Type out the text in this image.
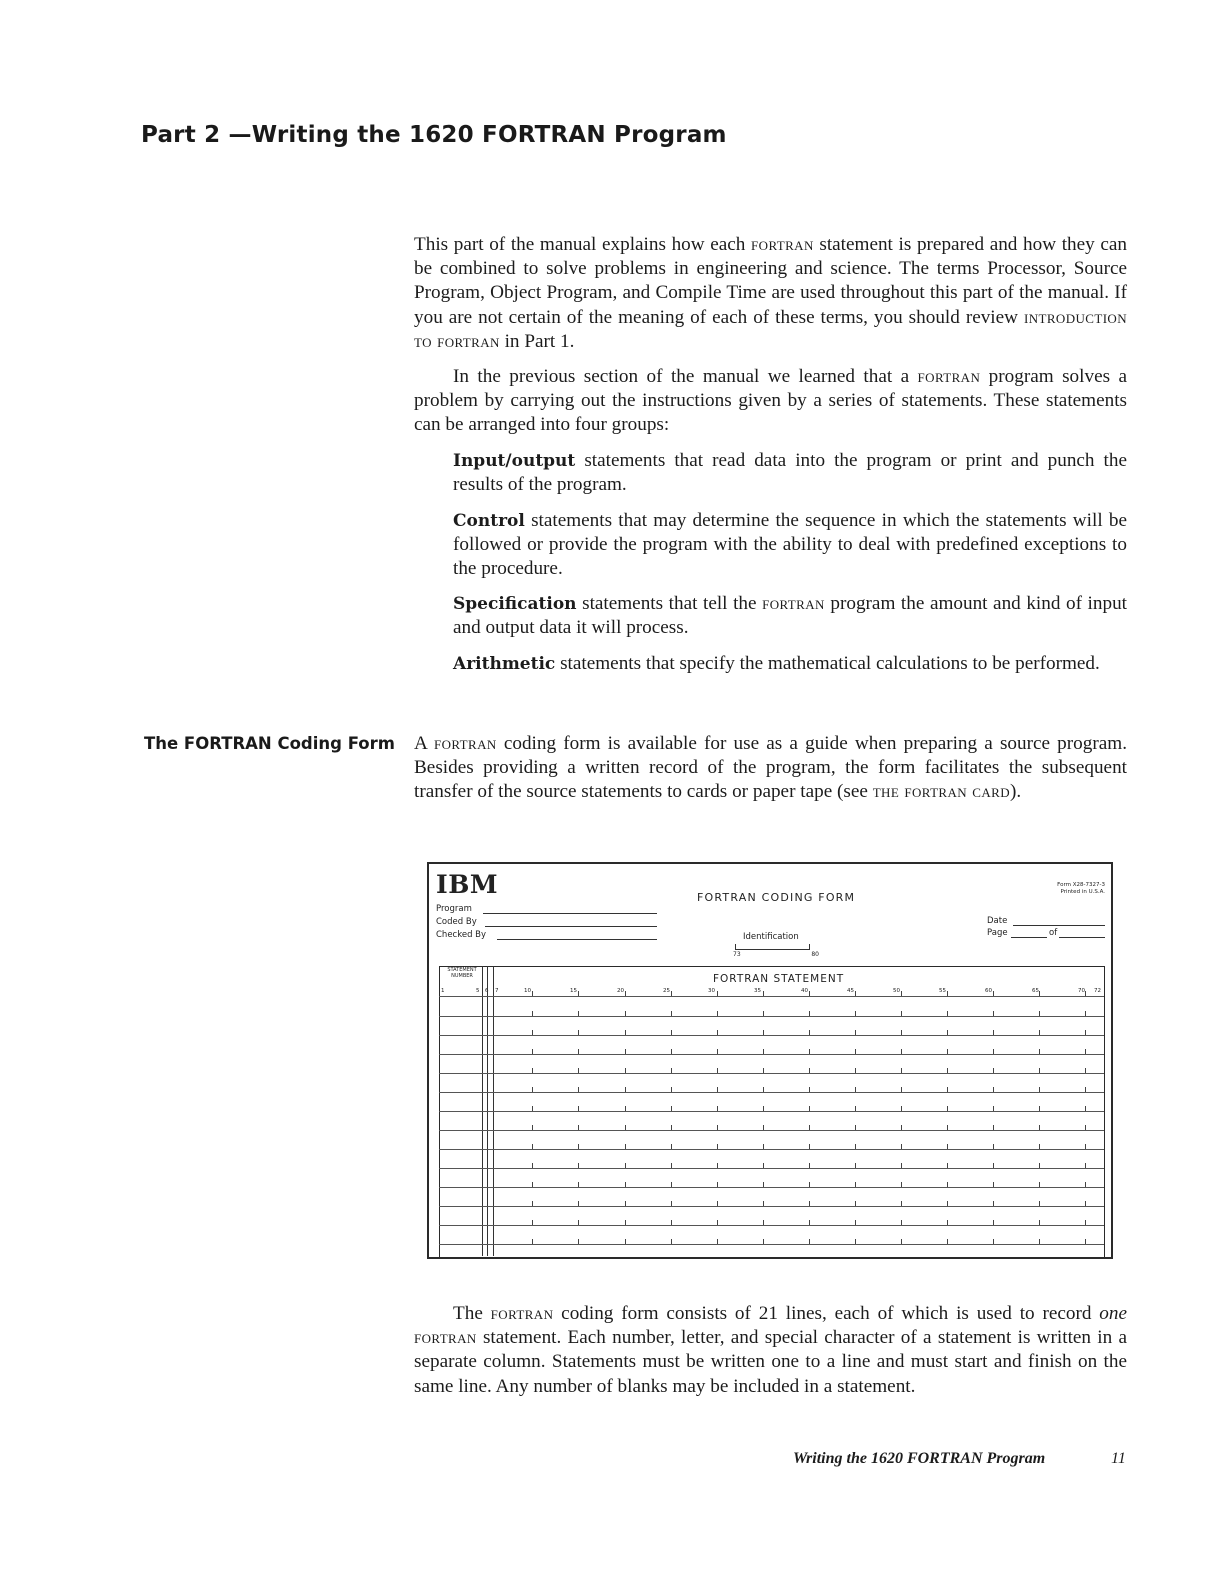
Part 2 —Writing the 1620 FORTRAN Program

This part of the manual explains how each fortran statement is prepared and how they can be combined to solve problems in engineering and science. The terms Processor, Source Program, Object Program, and Compile Time are used throughout this part of the manual. If you are not certain of the meaning of each of these terms, you should review introduction to fortran in Part 1.

In the previous section of the manual we learned that a fortran program solves a problem by carrying out the instructions given by a series of statements. These statements can be arranged into four groups:

Input/output statements that read data into the program or print and punch the results of the program.

Control statements that may determine the sequence in which the statements will be followed or provide the program with the ability to deal with predefined exceptions to the procedure.

Specification statements that tell the fortran program the amount and kind of input and output data it will process.

Arithmetic statements that specify the mathematical calculations to be performed.

The FORTRAN Coding Form A fortran coding form is available for use as a guide when preparing a source program. Besides providing a written record of the program, the form facilitates the subsequent transfer of the source statements to cards or paper tape (see the fortran card).

IBM	FORTRAN CODING FORM
Form X28-7327-3
Printed in U.S.A.
Program
Coded By
Checked By
Date
Page	of
Identification
73	80
STATEMENT
NUMBER	FORTRAN STATEMENT
1	5 6 7	10	15	20	25	30	35	40	45	50	55	60	65	70 72

The fortran coding form consists of 21 lines, each of which is used to record one fortran statement. Each number, letter, and special character of a statement is written in a separate column. Statements must be written one to a line and must start and finish on the same line. Any number of blanks may be included in a statement.

Writing the 1620 FORTRAN Program	11
